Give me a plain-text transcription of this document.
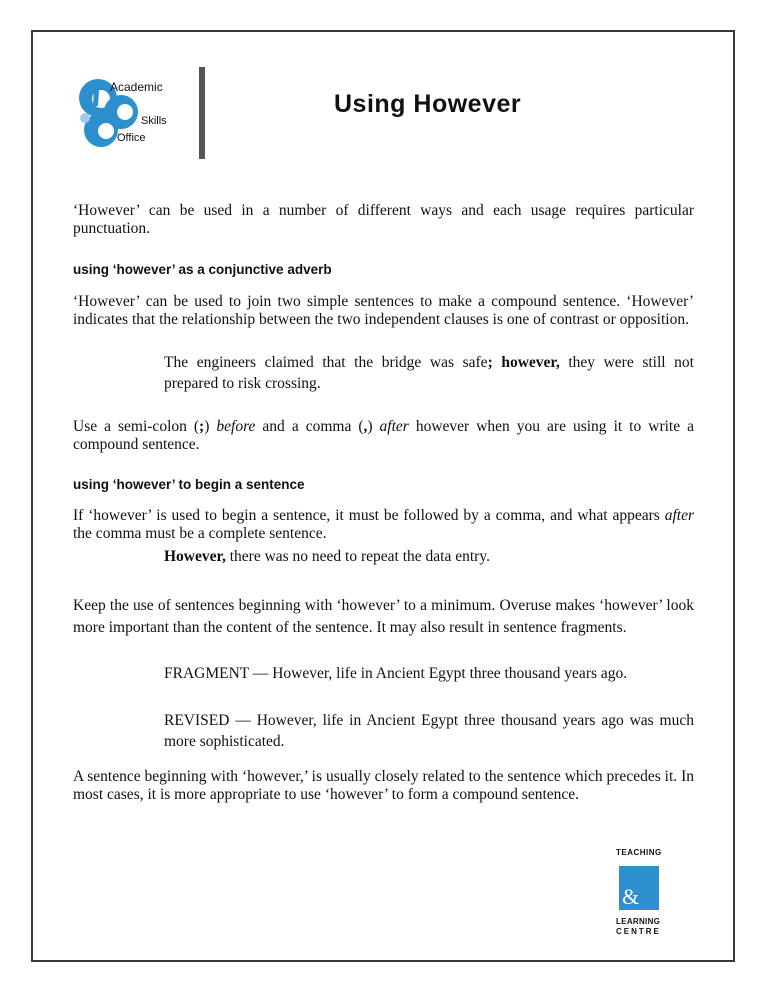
Academic
Skills
Office
Using However
‘However’ can be used in a number of different ways and each usage requires particular punctuation.
using ‘however’ as a conjunctive adverb
‘However’ can be used to join two simple sentences to make a compound sentence. ‘However’ indicates that the relationship between the two independent clauses is one of contrast or opposition.
The engineers claimed that the bridge was safe; however, they were still not prepared to risk crossing.
Use a semi-colon (;) before and a comma (,) after however when you are using it to write a compound sentence.
using ‘however’ to begin a sentence
If ‘however’ is used to begin a sentence, it must be followed by a comma, and what appears after the comma must be a complete sentence.
However, there was no need to repeat the data entry.
Keep the use of sentences beginning with ‘however’ to a minimum. Overuse makes ‘however’ look more important than the content of the sentence. It may also result in sentence fragments.
FRAGMENT — However, life in Ancient Egypt three thousand years ago.
REVISED — However, life in Ancient Egypt three thousand years ago was much more sophisticated.
A sentence beginning with ‘however,’ is usually closely related to the sentence which precedes it. In most cases, it is more appropriate to use ‘however’ to form a compound sentence.
TEACHING
&
LEARNING
CENTRE
